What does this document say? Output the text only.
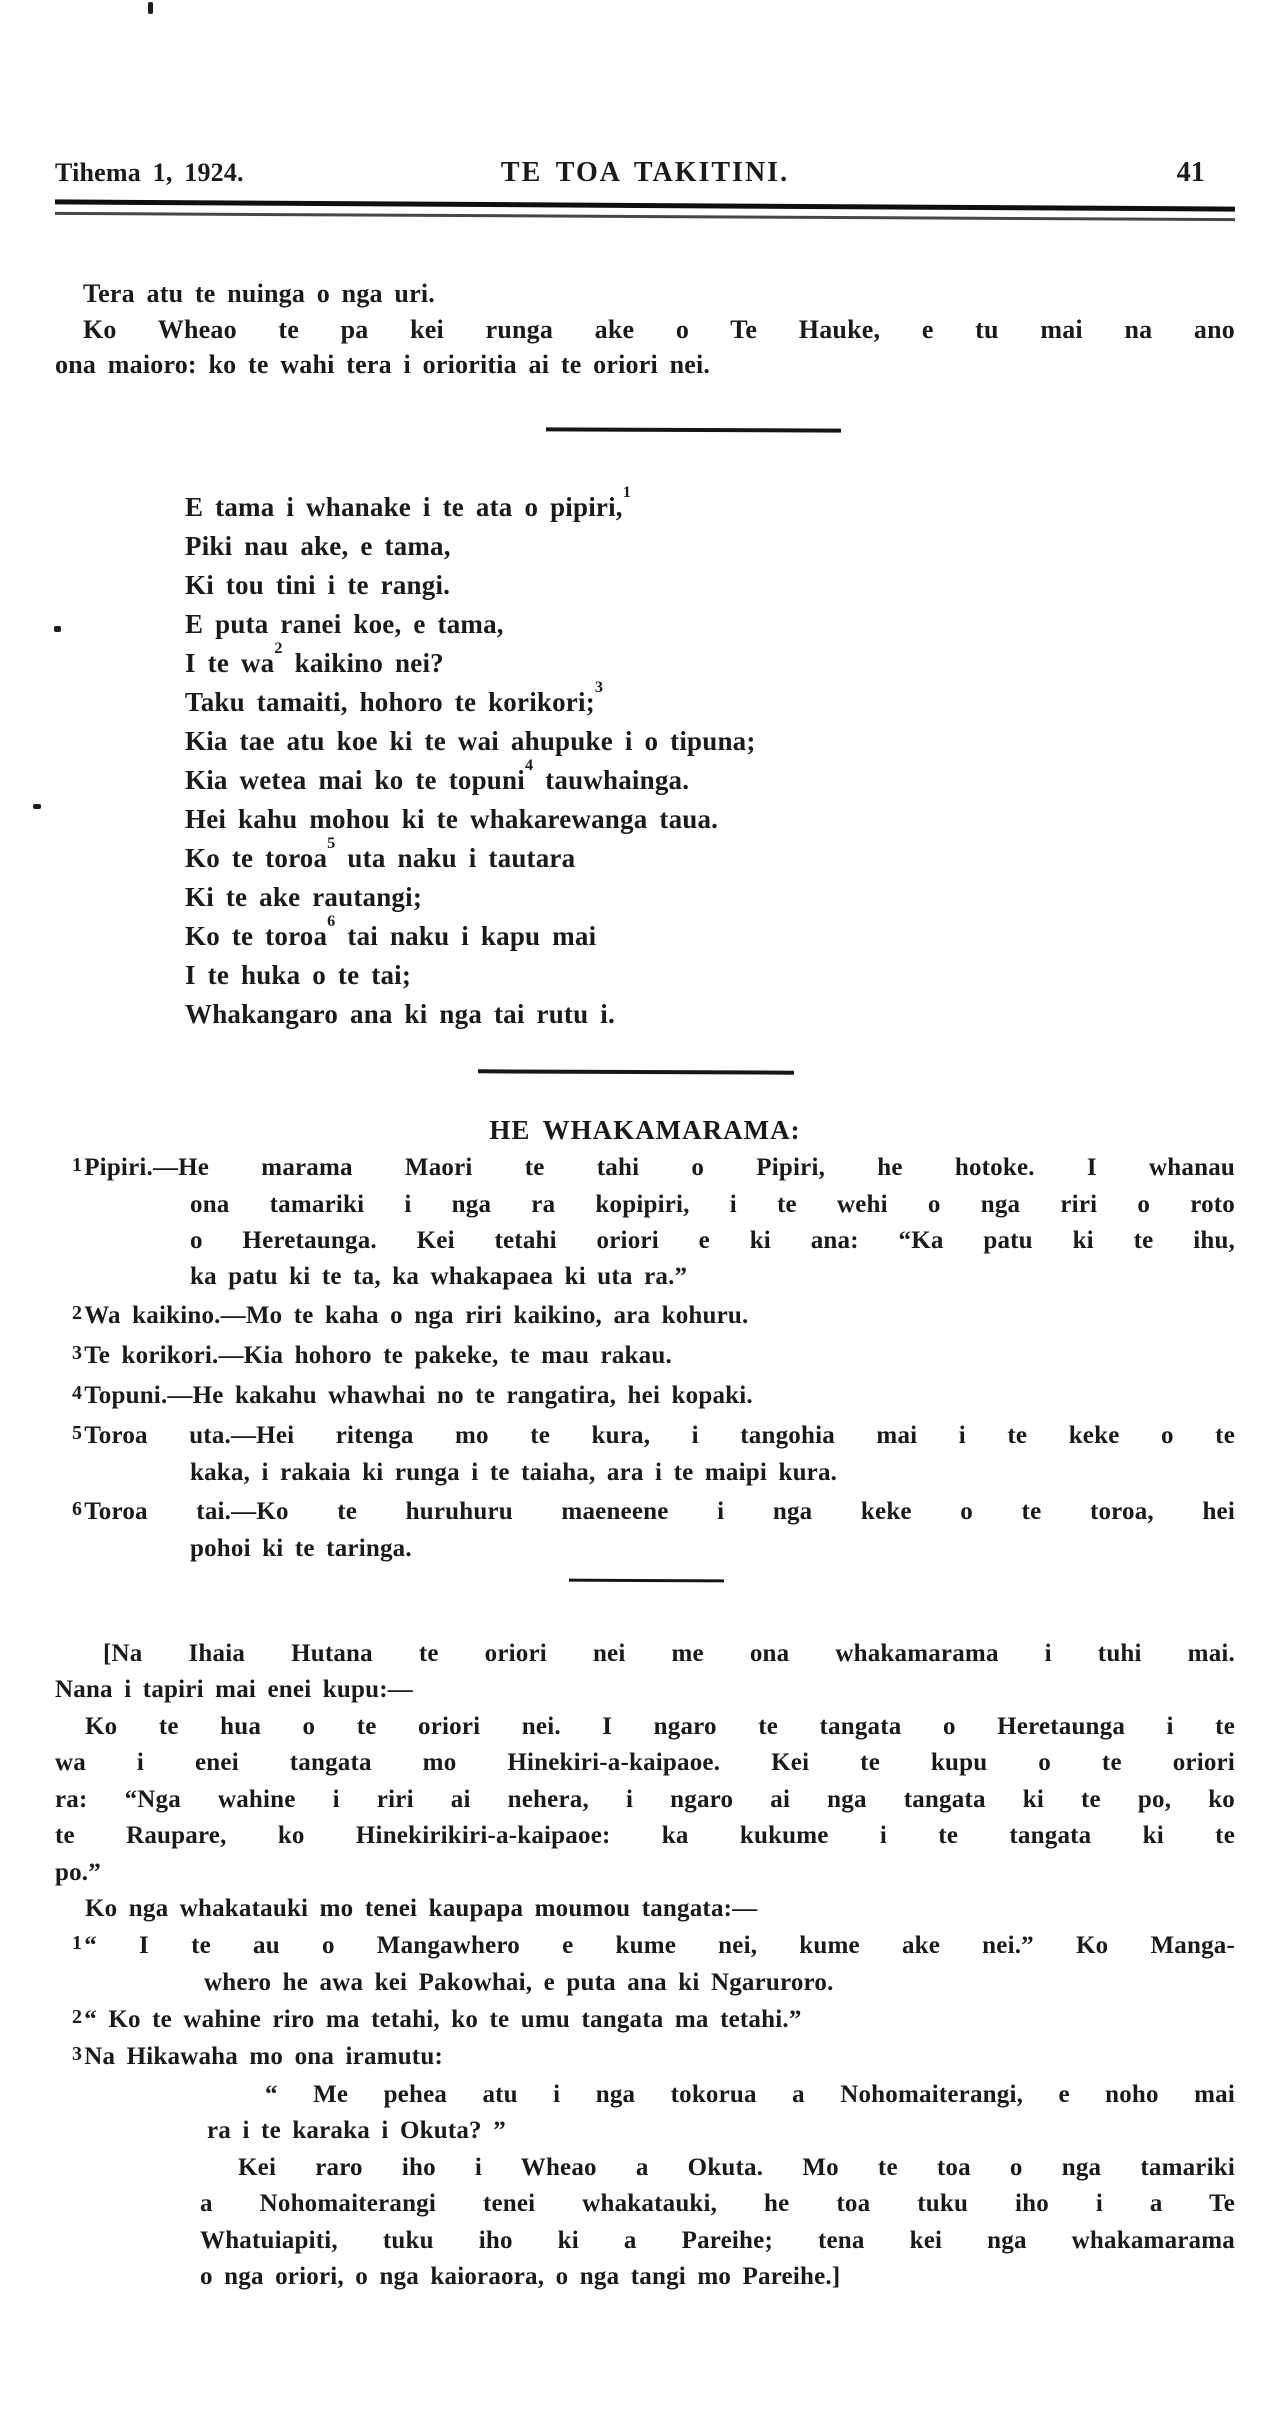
Tihema 1, 1924.	TE TOA TAKITINI.	41
Tera atu te nuinga o nga uri.
Ko Wheao te pa kei runga ake o Te Hauke, e tu mai na ano
ona maioro: ko te wahi tera i orioritia ai te oriori nei.
E tama i whanake i te ata o pipiri,$^1$
Piki nau ake, e tama,
Ki tou tini i te rangi.
E puta ranei koe, e tama,
I te $wa^2$ kaikino nei?
Taku tamaiti, hohoro te korikori;$^3$
Kia tae atu koe ki te wai ahupuke i o tipuna;
Kia wetea mai ko te topuni$^4$ tauwhainga.
Hei kahu mohou ki te whakarewanga taua.
Ko te toroa$^5$ uta naku i tautara
Ki te ake rautangi;
Ko te toroa$^6$ tai naku i kapu mai
I te huka o te tai;
Whakangaro ana ki nga tai rutu i.
HE WHAKAMARAMA:
1Pipiri.—He marama Maori te tahi o Pipiri, he hotoke. I whanau
ona tamariki i nga ra kopipiri, i te wehi o nga riri o roto
o Heretaunga. Kei tetahi oriori e ki ana: “Ka patu ki te ihu,
ka patu ki te ta, ka whakapaea ki uta ra.”
2Wa kaikino.—Mo te kaha o nga riri kaikino, ara kohuru.
3Te korikori.—Kia hohoro te pakeke, te mau rakau.
4Topuni.—He kakahu whawhai no te rangatira, hei kopaki.
5Toroa uta.—Hei ritenga mo te kura, i tangohia mai i te keke o te
kaka, i rakaia ki runga i te taiaha, ara i te maipi kura.
6Toroa tai.—Ko te huruhuru maeneene i nga keke o te toroa, hei
pohoi ki te taringa.
[Na Ihaia Hutana te oriori nei me ona whakamarama i tuhi mai.
Nana i tapiri mai enei kupu:—
Ko te hua o te oriori nei. I ngaro te tangata o Heretaunga i te
wa i enei tangata mo Hinekiri-a-kaipaoe. Kei te kupu o te oriori
ra: “Nga wahine i riri ai nehera, i ngaro ai nga tangata ki te po, ko
te Raupare, ko Hinekirikiri-a-kaipaoe: ka kukume i te tangata ki te
po.”
Ko nga whakatauki mo tenei kaupapa moumou tangata:—
1“ I te au o Mangawhero e kume nei, kume ake nei.” Ko Manga-
whero he awa kei Pakowhai, e puta ana ki Ngaruroro.
2“ Ko te wahine riro ma tetahi, ko te umu tangata ma tetahi.”
3Na Hikawaha mo ona iramutu:
“ Me pehea atu i nga tokorua a Nohomaiterangi, e noho mai
ra i te karaka i Okuta? ”
Kei raro iho i Wheao a Okuta. Mo te toa o nga tamariki
a Nohomaiterangi tenei whakatauki, he toa tuku iho i a Te
Whatuiapiti, tuku iho ki a Pareihe; tena kei nga whakamarama
o nga oriori, o nga kaioraora, o nga tangi mo Pareihe.]
